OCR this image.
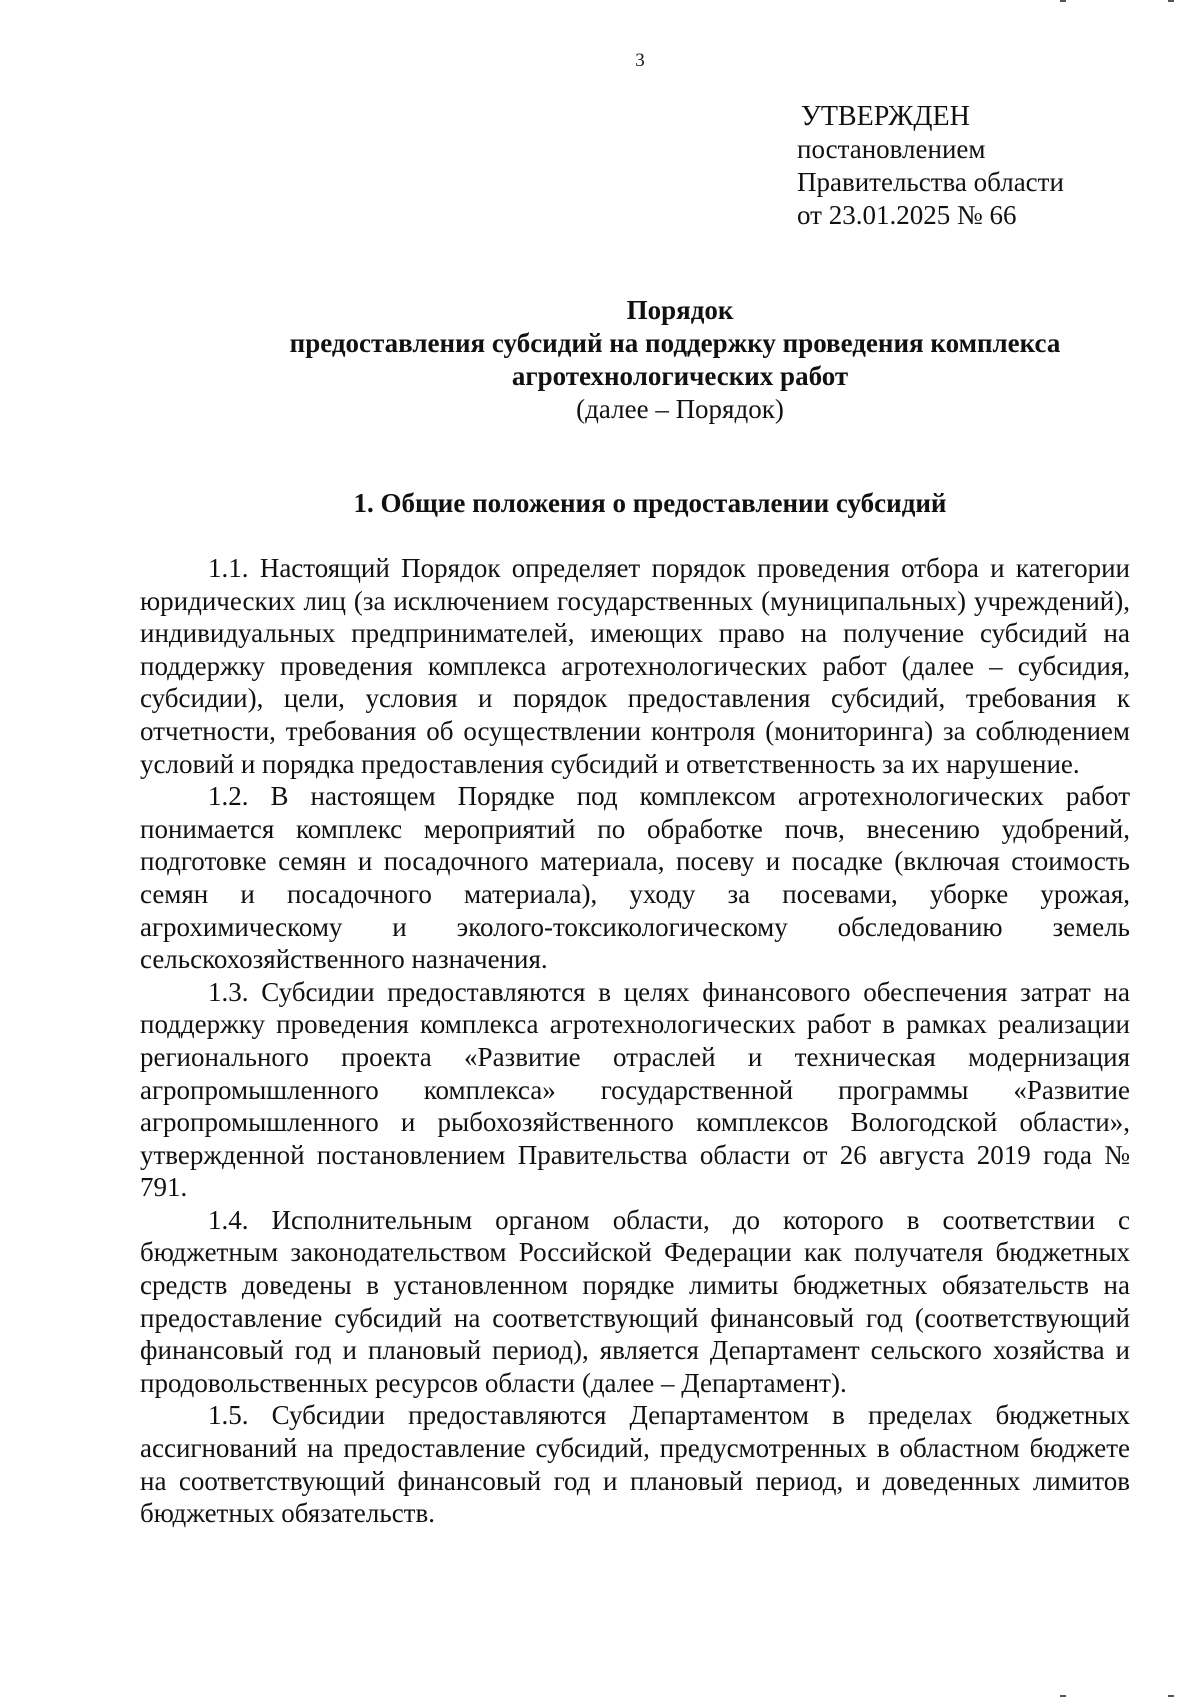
3
УТВЕРЖДЕН
постановлением
Правительства области
от 23.01.2025 № 66
Порядок
предоставления субсидий на поддержку проведения комплекса
агротехнологических работ
(далее – Порядок)
1. Общие положения о предоставлении субсидий

1.1. Настоящий Порядок определяет порядок проведения отбора и категории юридических лиц (за исключением государственных (муниципальных) учреждений), индивидуальных предпринимателей, имеющих право на получение субсидий на поддержку проведения комплекса агротехнологических работ (далее – субсидия, субсидии), цели, условия и порядок предоставления субсидий, требования к отчетности, требования об осуществлении контроля (мониторинга) за соблюдением условий и порядка предоставления субсидий и ответственность за их нарушение.

1.2. В настоящем Порядке под комплексом агротехнологических работ понимается комплекс мероприятий по обработке почв, внесению удобрений, подготовке семян и посадочного материала, посеву и посадке (включая стоимость семян и посадочного материала), уходу за посевами, уборке урожая, агрохимическому и эколого-токсикологическому обследованию земель сельскохозяйственного назначения.

1.3. Субсидии предоставляются в целях финансового обеспечения затрат на поддержку проведения комплекса агротехнологических работ в рамках реализации регионального проекта «Развитие отраслей и техническая модернизация агропромышленного комплекса» государственной программы «Развитие агропромышленного и рыбохозяйственного комплексов Вологодской области», утвержденной постановлением Правительства области от 26 августа 2019 года № 791.

1.4. Исполнительным органом области, до которого в соответствии с бюджетным законодательством Российской Федерации как получателя бюджетных средств доведены в установленном порядке лимиты бюджетных обязательств на предоставление субсидий на соответствующий финансовый год (соответствующий финансовый год и плановый период), является Департамент сельского хозяйства и продовольственных ресурсов области (далее – Департамент).

1.5. Субсидии предоставляются Департаментом в пределах бюджетных ассигнований на предоставление субсидий, предусмотренных в областном бюджете на соответствующий финансовый год и плановый период, и доведенных лимитов бюджетных обязательств.
